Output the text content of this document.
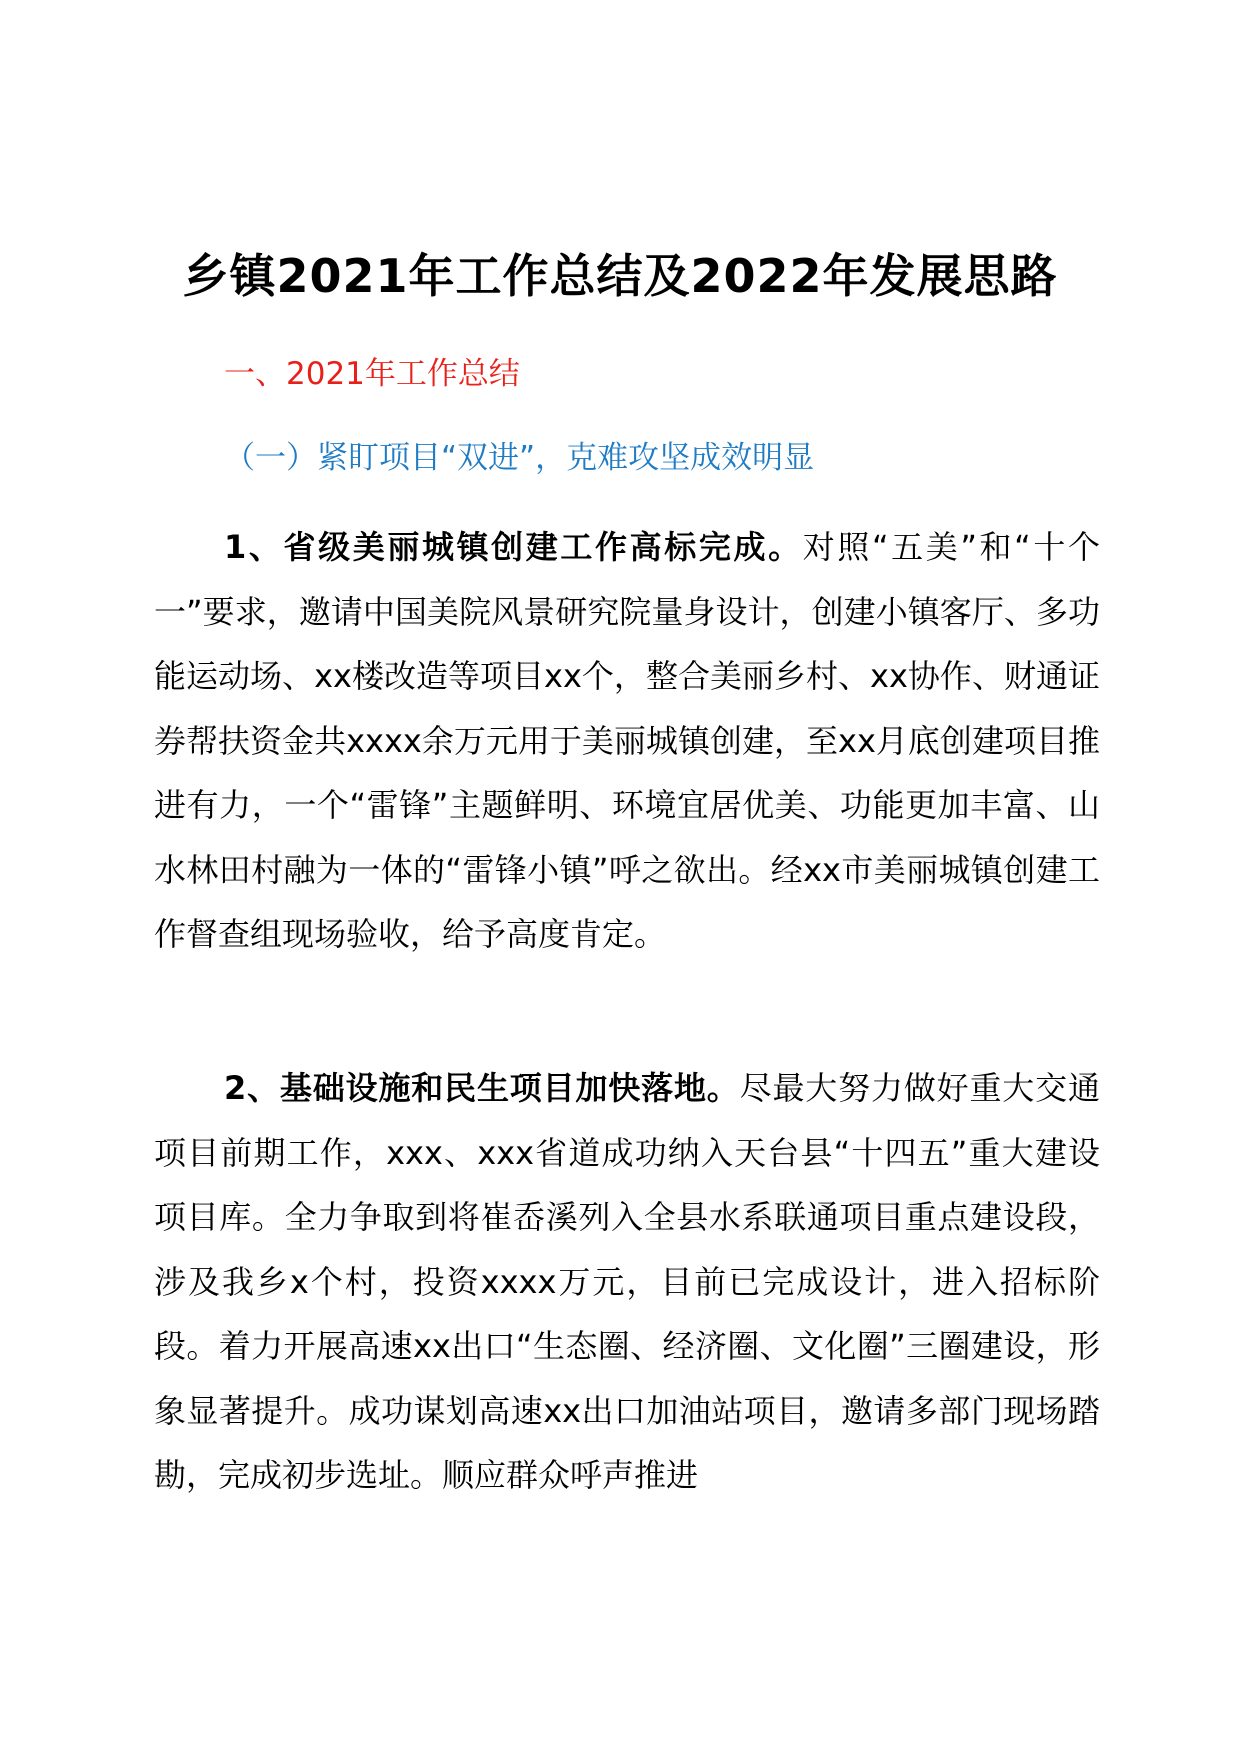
乡镇2021年工作总结及2022年发展思路
一、2021年工作总结
（一）紧盯项目“双进”，克难攻坚成效明显

1、省级美丽城镇创建工作高标完成。对照“五美”和“十个一”要求，邀请中国美院风景研究院量身设计，创建小镇客厅、多功能运动场、xx楼改造等项目xx个，整合美丽乡村、xx协作、财通证券帮扶资金共xxxx余万元用于美丽城镇创建，至xx月底创建项目推进有力，一个“雷锋”主题鲜明、环境宜居优美、功能更加丰富、山水林田村融为一体的“雷锋小镇”呼之欲出。经xx市美丽城镇创建工作督查组现场验收，给予高度肯定。

2、基础设施和民生项目加快落地。尽最大努力做好重大交通项目前期工作，xxx、xxx省道成功纳入天台县“十四五”重大建设项目库。全力争取到将崔岙溪列入全县水系联通项目重点建设段，涉及我乡x个村，投资xxxx万元，目前已完成设计，进入招标阶段。着力开展高速xx出口“生态圈、经济圈、文化圈”三圈建设，形象显著提升。成功谋划高速xx出口加油站项目，邀请多部门现场踏勘，完成初步选址。顺应群众呼声推进
